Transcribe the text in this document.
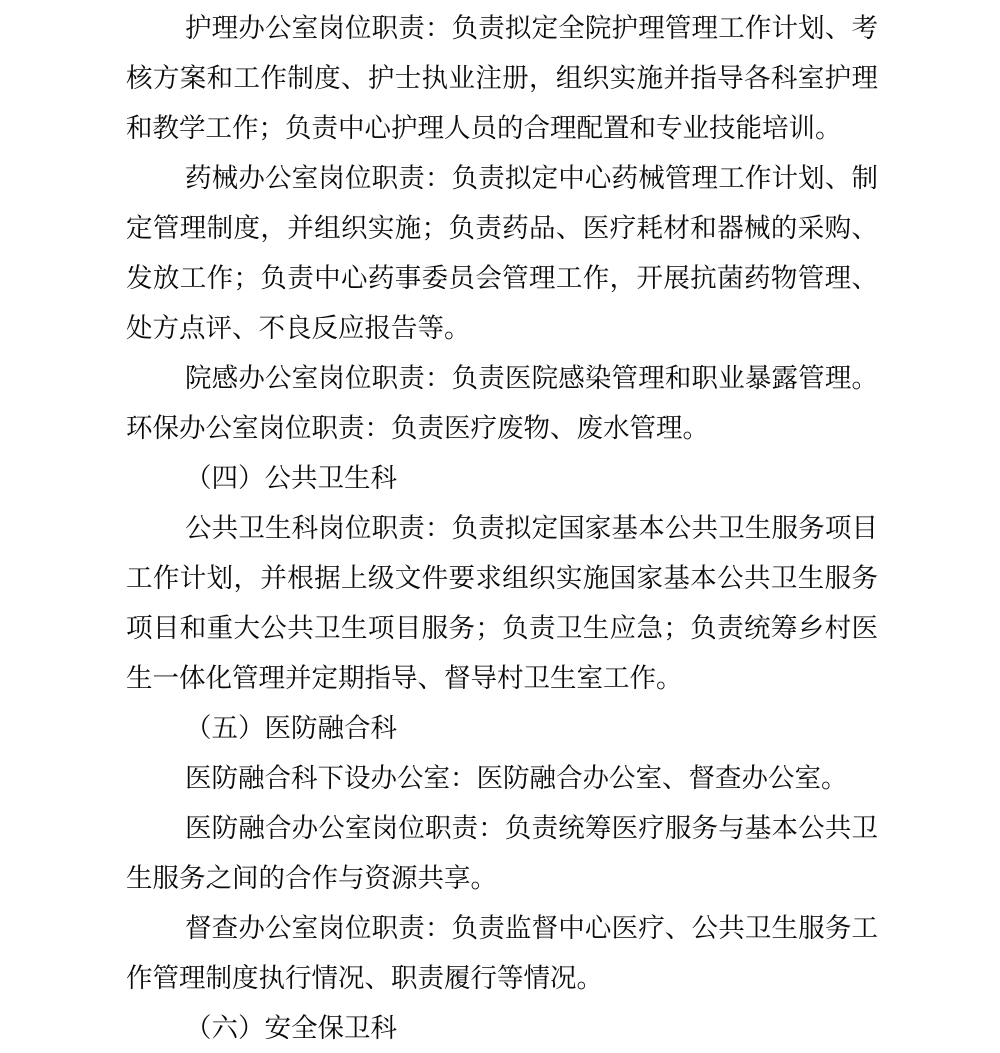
护理办公室岗位职责：负责拟定全院护理管理工作计划、考核方案和工作制度、护士执业注册，组织实施并指导各科室护理和教学工作；负责中心护理人员的合理配置和专业技能培训。

药械办公室岗位职责：负责拟定中心药械管理工作计划、制定管理制度，并组织实施；负责药品、医疗耗材和器械的采购、发放工作；负责中心药事委员会管理工作，开展抗菌药物管理、处方点评、不良反应报告等。

院感办公室岗位职责：负责医院感染管理和职业暴露管理。环保办公室岗位职责：负责医疗废物、废水管理。

（四）公共卫生科

公共卫生科岗位职责：负责拟定国家基本公共卫生服务项目工作计划，并根据上级文件要求组织实施国家基本公共卫生服务项目和重大公共卫生项目服务；负责卫生应急；负责统筹乡村医生一体化管理并定期指导、督导村卫生室工作。

（五）医防融合科

医防融合科下设办公室：医防融合办公室、督查办公室。

医防融合办公室岗位职责：负责统筹医疗服务与基本公共卫生服务之间的合作与资源共享。

督查办公室岗位职责：负责监督中心医疗、公共卫生服务工作管理制度执行情况、职责履行等情况。

（六）安全保卫科
